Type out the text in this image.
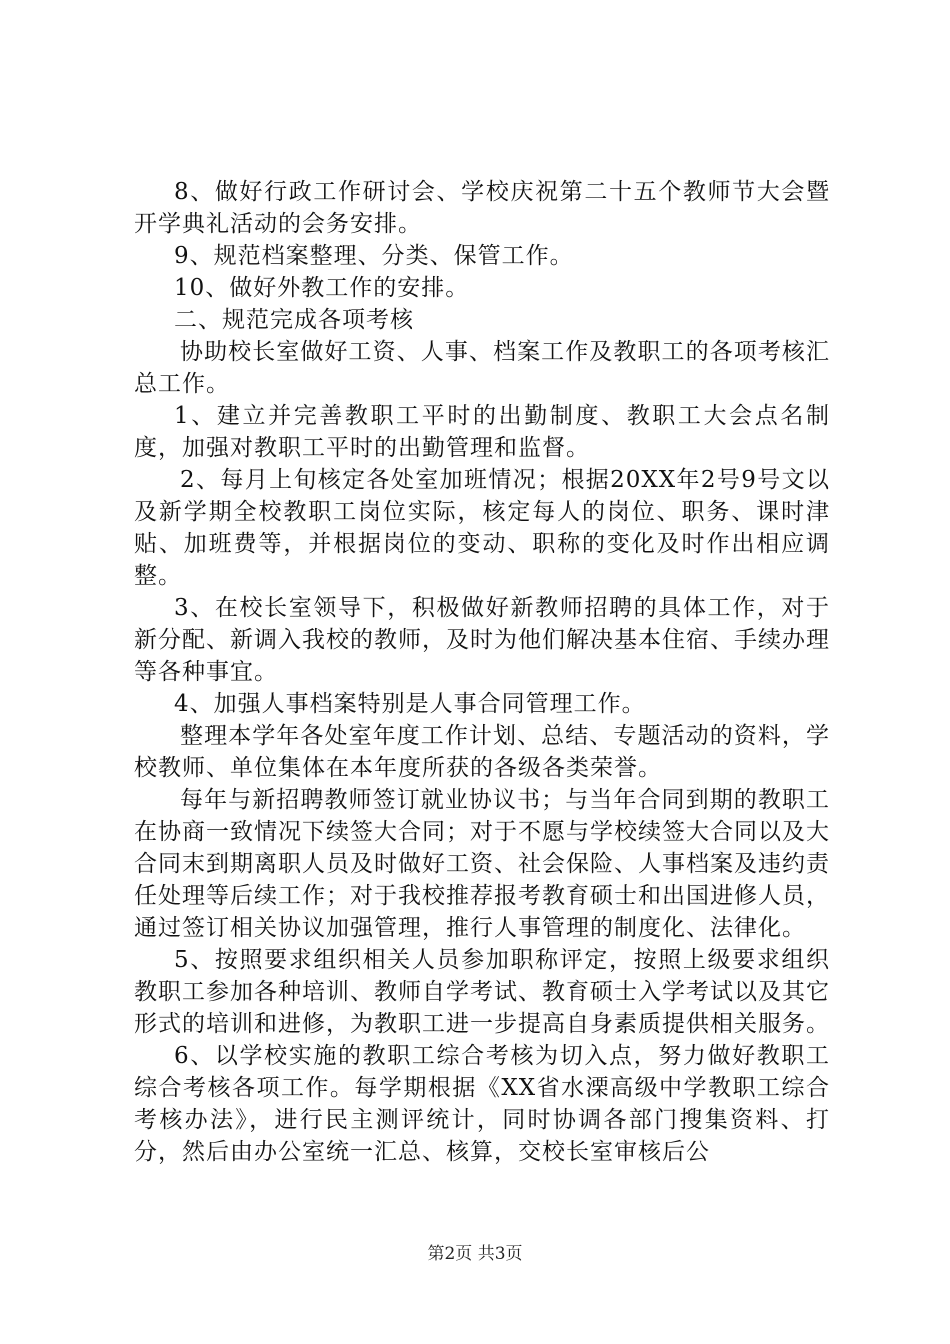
8、做好行政工作研讨会、学校庆祝第二十五个教师节大会暨开学典礼活动的会务安排。

9、规范档案整理、分类、保管工作。

10、做好外教工作的安排。

二、规范完成各项考核

协助校长室做好工资、人事、档案工作及教职工的各项考核汇总工作。

1、建立并完善教职工平时的出勤制度、教职工大会点名制度，加强对教职工平时的出勤管理和监督。

2、每月上旬核定各处室加班情况；根据20XX年2号9号文以及新学期全校教职工岗位实际，核定每人的岗位、职务、课时津贴、加班费等，并根据岗位的变动、职称的变化及时作出相应调整。

3、在校长室领导下，积极做好新教师招聘的具体工作，对于新分配、新调入我校的教师，及时为他们解决基本住宿、手续办理等各种事宜。

4、加强人事档案特别是人事合同管理工作。

整理本学年各处室年度工作计划、总结、专题活动的资料，学校教师、单位集体在本年度所获的各级各类荣誉。

每年与新招聘教师签订就业协议书；与当年合同到期的教职工在协商一致情况下续签大合同；对于不愿与学校续签大合同以及大合同末到期离职人员及时做好工资、社会保险、人事档案及违约责任处理等后续工作；对于我校推荐报考教育硕士和出国进修人员，通过签订相关协议加强管理，推行人事管理的制度化、法律化。

5、按照要求组织相关人员参加职称评定，按照上级要求组织教职工参加各种培训、教师自学考试、教育硕士入学考试以及其它形式的培训和进修，为教职工进一步提高自身素质提供相关服务。

6、以学校实施的教职工综合考核为切入点，努力做好教职工综合考核各项工作。每学期根据《XX省水溧高级中学教职工综合考核办法》，进行民主测评统计，同时协调各部门搜集资料、打分，然后由办公室统一汇总、核算，交校长室审核后公

第2页 共3页
